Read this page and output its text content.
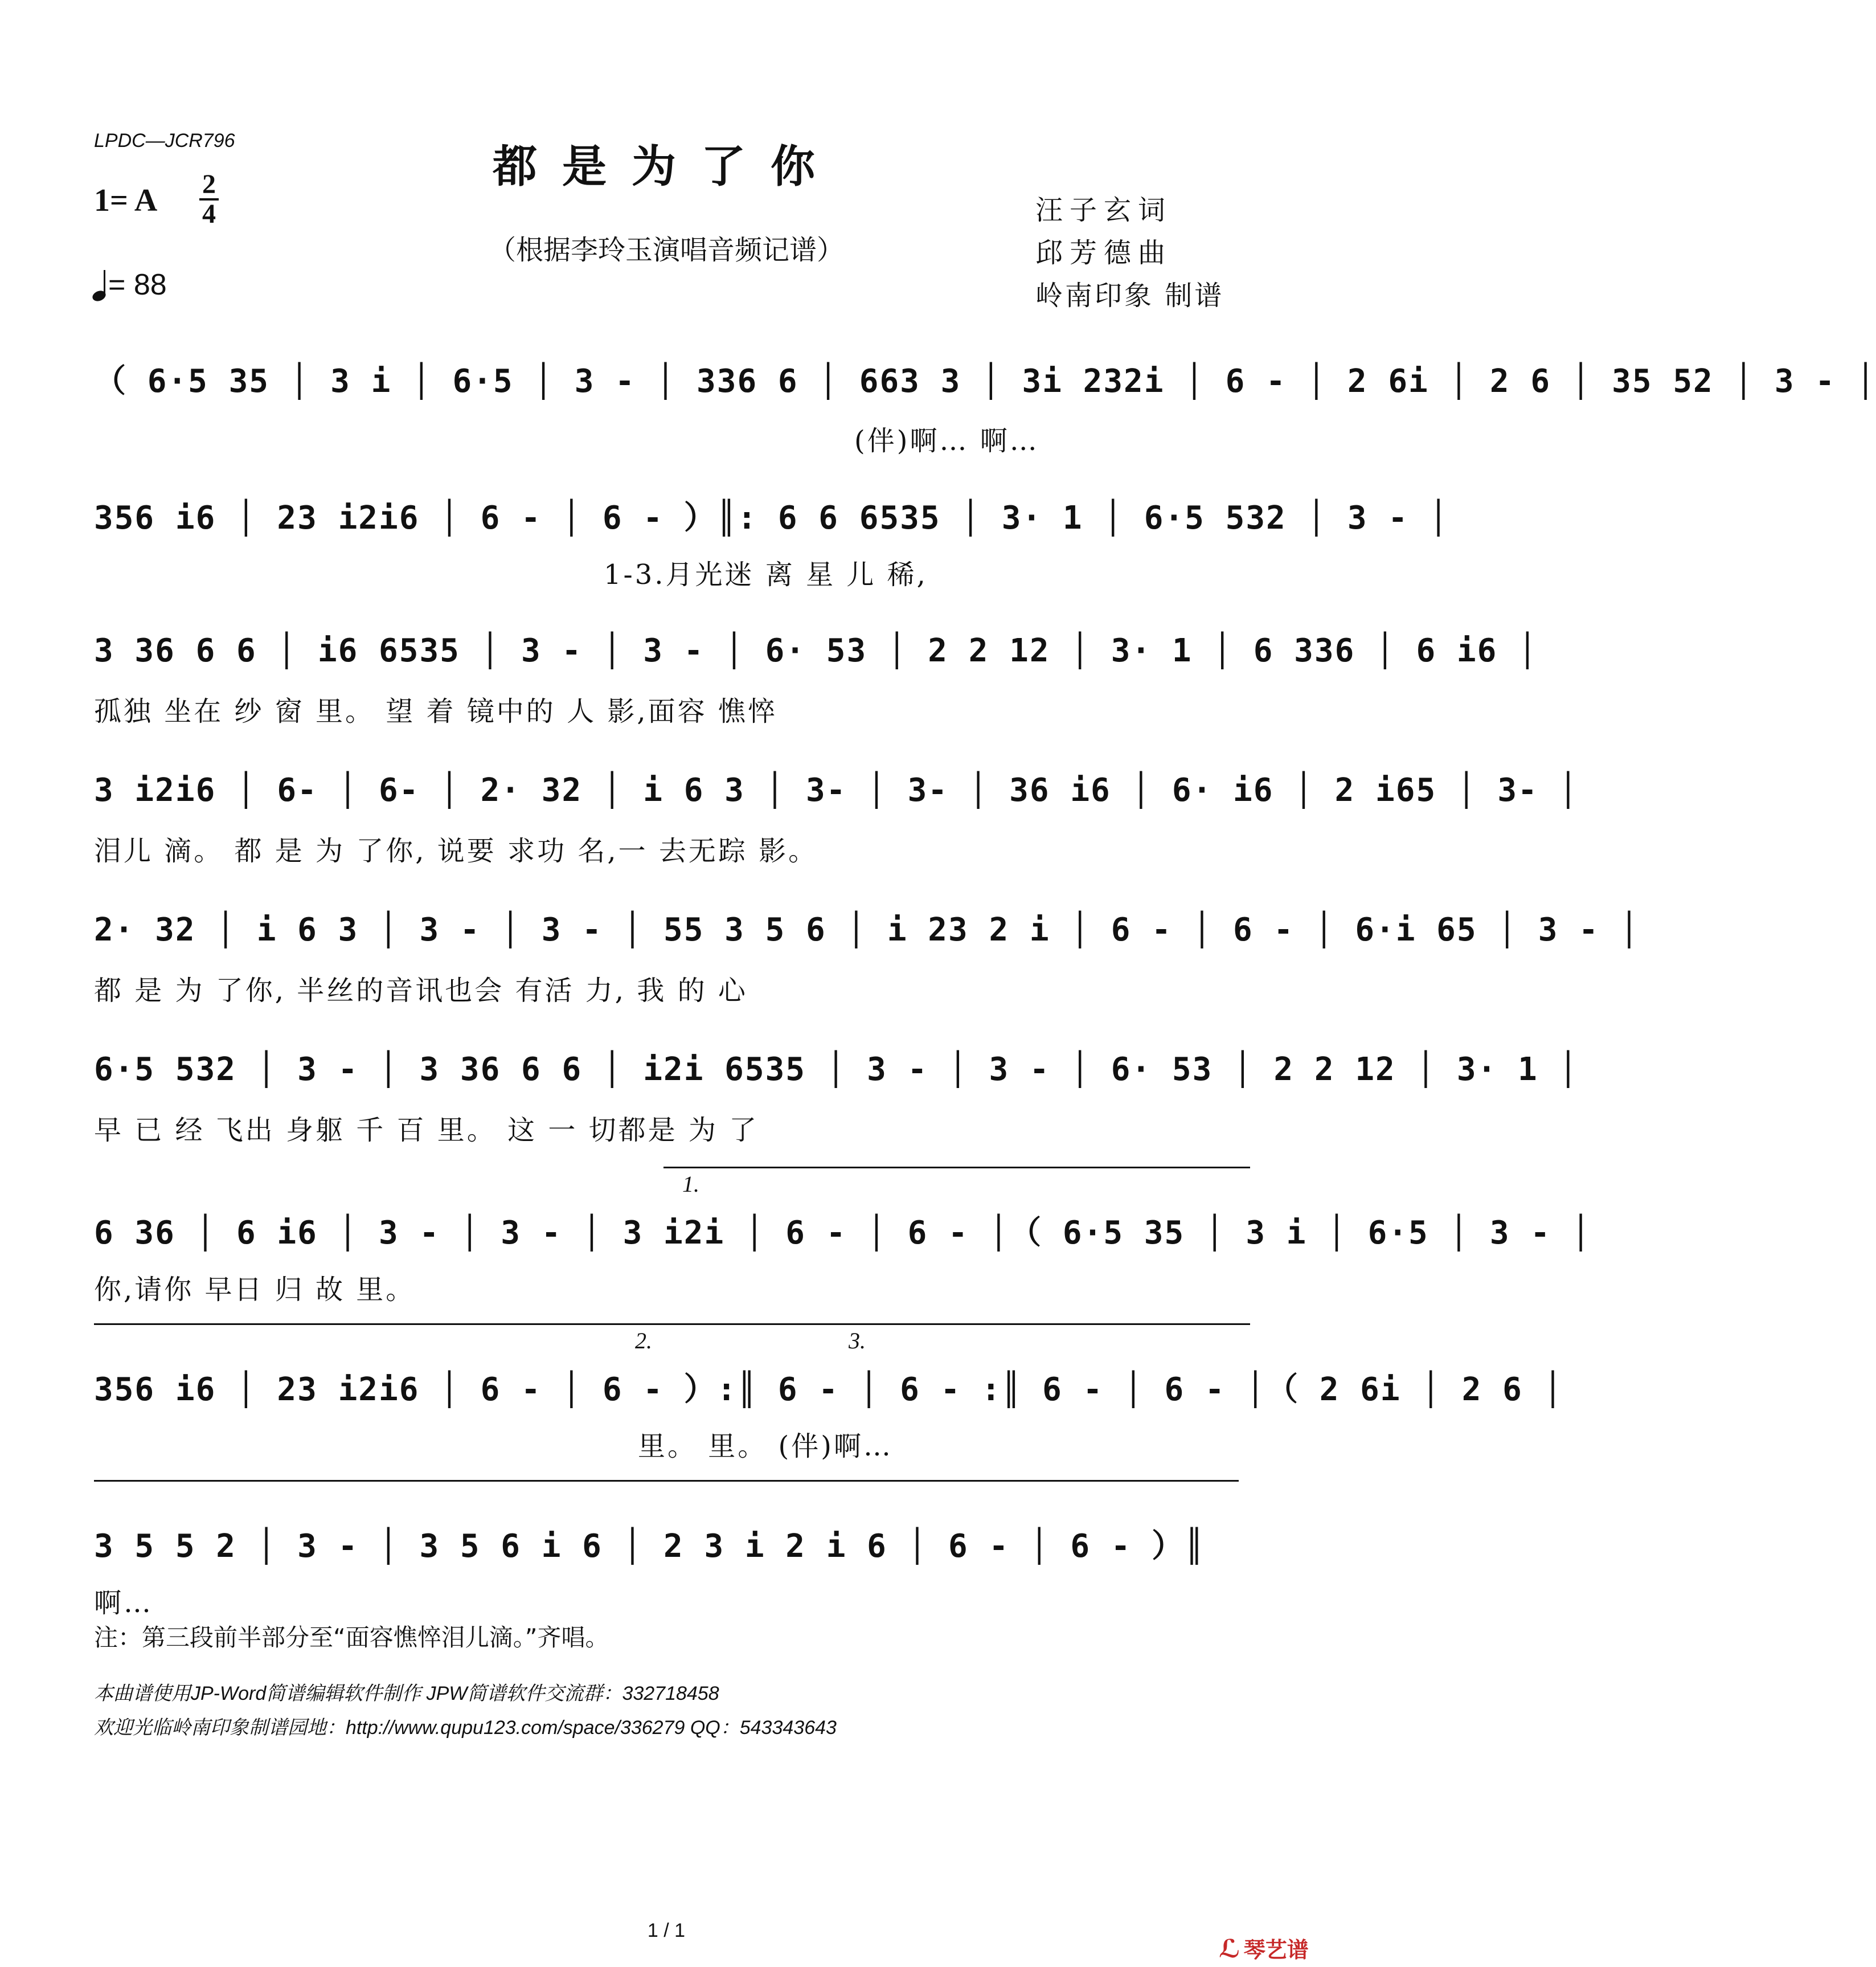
LPDC—JCR796	都是为了你
（根据李玲玉演唱音频记谱）
汪子玄词
邱芳德曲
岭南印象 制谱
1= A 2
4
= 88
（ 6·5 35 │ 3 i │ 6·5 │ 3 - │ 336 6 │ 663 3 │ 3i 232i │ 6 - │ 2 6i │ 2 6 │ 35 52 │ 3 - │
(伴)啊… 啊…
356 i6 │ 23 i2i6 │ 6 - │ 6 - ）║: 6 6 6535 │ 3· 1 │ 6·5 532 │ 3 - │
1-3.月光迷 离 星 儿 稀,
3 36 6 6 │ i6 6535 │ 3 - │ 3 - │ 6· 53 │ 2 2 12 │ 3· 1 │ 6 336 │ 6 i6 │
孤独 坐在 纱 窗 里。 望 着 镜中的 人 影,面容 憔悴
3 i2i6 │ 6- │ 6- │ 2· 32 │ i 6 3 │ 3- │ 3- │ 36 i6 │ 6· i6 │ 2 i65 │ 3- │
泪儿 滴。 都 是 为 了你, 说要 求功 名,一 去无踪 影。
2· 32 │ i 6 3 │ 3 - │ 3 - │ 55 3 5 6 │ i 23 2 i │ 6 - │ 6 - │ 6·i 65 │ 3 - │
都 是 为 了你, 半丝的音讯也会 有活 力, 我 的 心
6·5 532 │ 3 - │ 3 36 6 6 │ i2i 6535 │ 3 - │ 3 - │ 6· 53 │ 2 2 12 │ 3· 1 │
早 已 经 飞出 身躯 千 百 里。 这 一 切都是 为 了
1.
6 36 │ 6 i6 │ 3 - │ 3 - │ 3 i2i │ 6 - │ 6 - │（ 6·5 35 │ 3 i │ 6·5 │ 3 - │
你,请你 早日 归 故 里。
2.	3.
356 i6 │ 23 i2i6 │ 6 - │ 6 - ）:║ 6 - │ 6 - :║ 6 - │ 6 - │（ 2 6i │ 2 6 │
里。 里。 (伴)啊…
3 5 5 2 │ 3 - │ 3 5 6 i 6 │ 2 3 i 2 i 6 │ 6 - │ 6 - ）║
啊…
注：第三段前半部分至“面容憔悴泪儿滴。”齐唱。
本曲谱使用JP-Word简谱编辑软件制作 JPW简谱软件交流群：332718458
欢迎光临岭南印象制谱园地：http://www.qupu123.com/space/336279 QQ：543343643
1 / 1
ℒ 琴艺谱
